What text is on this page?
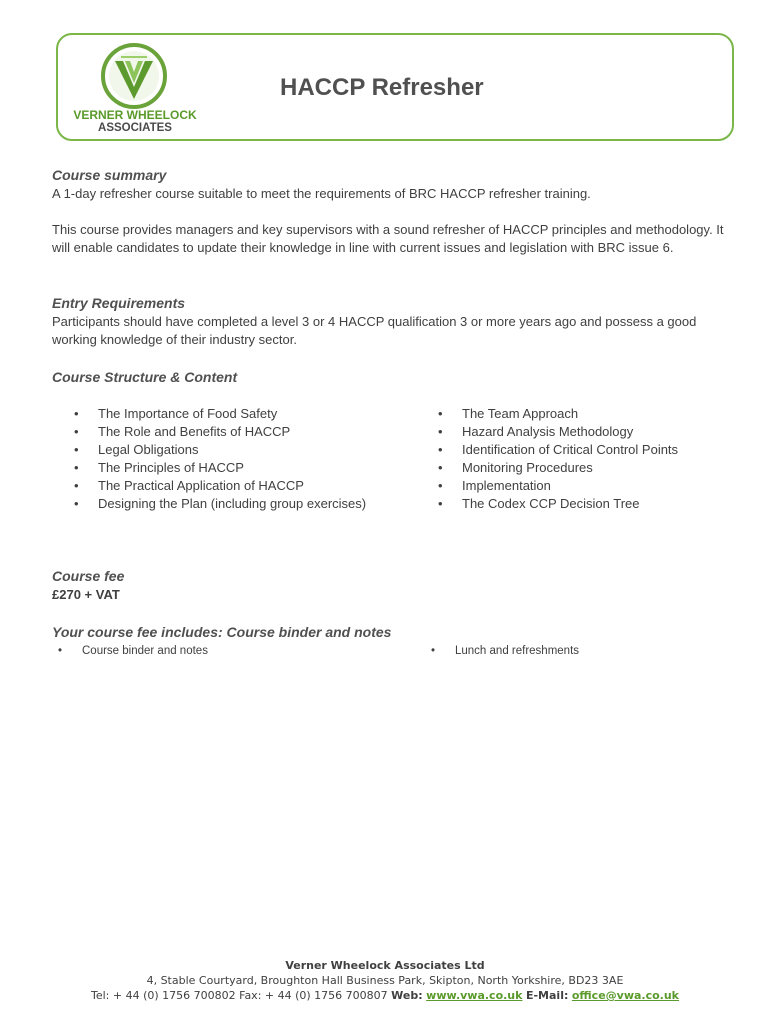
VERNER WHEELOCK
ASSOCIATES
HACCP Refresher
Course summary
A 1-day refresher course suitable to meet the requirements of BRC HACCP refresher training.
This course provides managers and key supervisors with a sound refresher of HACCP principles and methodology. It will enable candidates to update their knowledge in line with current issues and legislation with BRC issue 6.
Entry Requirements
Participants should have completed a level 3 or 4 HACCP qualification 3 or more years ago and possess a good working knowledge of their industry sector.
Course Structure & Content
• The Importance of Food Safety
• The Role and Benefits of HACCP
• Legal Obligations
• The Principles of HACCP
• The Practical Application of HACCP
• Designing the Plan (including group exercises)
• The Team Approach
• Hazard Analysis Methodology
• Identification of Critical Control Points
• Monitoring Procedures
• Implementation
• The Codex CCP Decision Tree
Course fee
£270 + VAT
Your course fee includes: Course binder and notes
• Course binder and notes	• Lunch and refreshments
Verner Wheelock Associates Ltd
4, Stable Courtyard, Broughton Hall Business Park, Skipton, North Yorkshire, BD23 3AE
Tel: + 44 (0) 1756 700802 Fax: + 44 (0) 1756 700807 Web: www.vwa.co.uk E-Mail: office@vwa.co.uk
